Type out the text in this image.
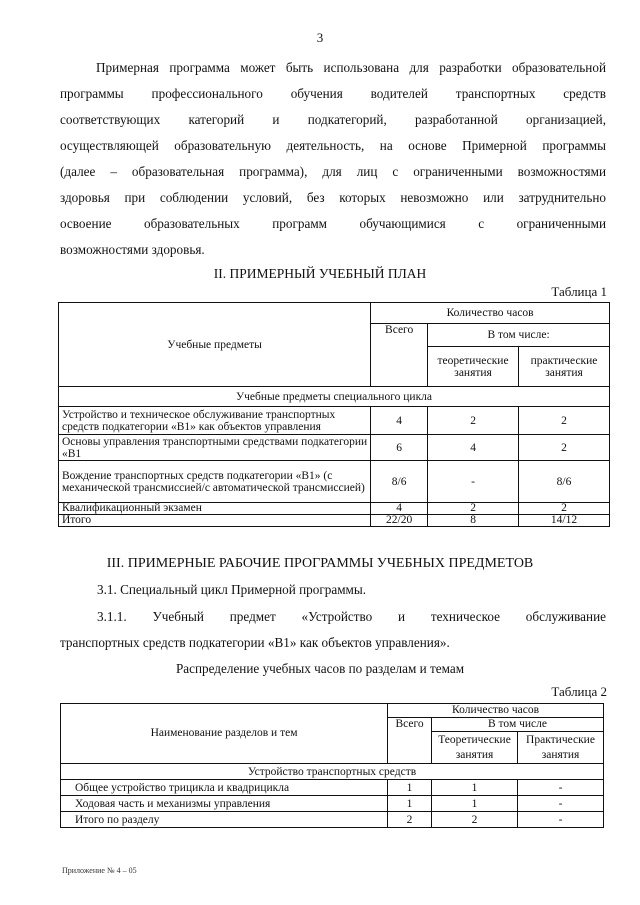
3
Примерная программа может быть использована для разработки образовательной
программы профессионального обучения водителей транспортных средств
соответствующих категорий и подкатегорий, разработанной организацией,
осуществляющей образовательную деятельность, на основе Примерной программы
(далее – образовательная программа), для лиц с ограниченными возможностями
здоровья при соблюдении условий, без которых невозможно или затруднительно
освоение образовательных программ обучающимися с ограниченными
возможностями здоровья.
II. ПРИМЕРНЫЙ УЧЕБНЫЙ ПЛАН
Таблица 1
Учебные предметы	Количество часов		
	Всего	В том числе:	
		теоретические занятия	практические занятия
Учебные предметы специального цикла			
Устройство и техническое обслуживание транспортных средств подкатегории «В1» как объектов управления	4	2	2
Основы управления транспортными средствами подкатегории «В1	6	4	2
Вождение транспортных средств подкатегории «В1» (с механической трансмиссией/с автоматической трансмиссией)	8/6	-	8/6
Квалификационный экзамен	4	2	2
Итого	22/20	8	14/12
III. ПРИМЕРНЫЕ РАБОЧИЕ ПРОГРАММЫ УЧЕБНЫХ ПРЕДМЕТОВ
3.1. Специальный цикл Примерной программы.
3.1.1. Учебный предмет «Устройство и техническое обслуживание
транспортных средств подкатегории «В1» как объектов управления».
Распределение учебных часов по разделам и темам
Таблица 2
Наименование разделов и тем	Количество часов		
	Всего	В том числе	
		Теоретические занятия	Практические занятия
Устройство транспортных средств			
Общее устройство трицикла и квадрицикла	1	1	-
Ходовая часть и механизмы управления	1	1	-
Итого по разделу	2	2	-
Приложение № 4 – 05
